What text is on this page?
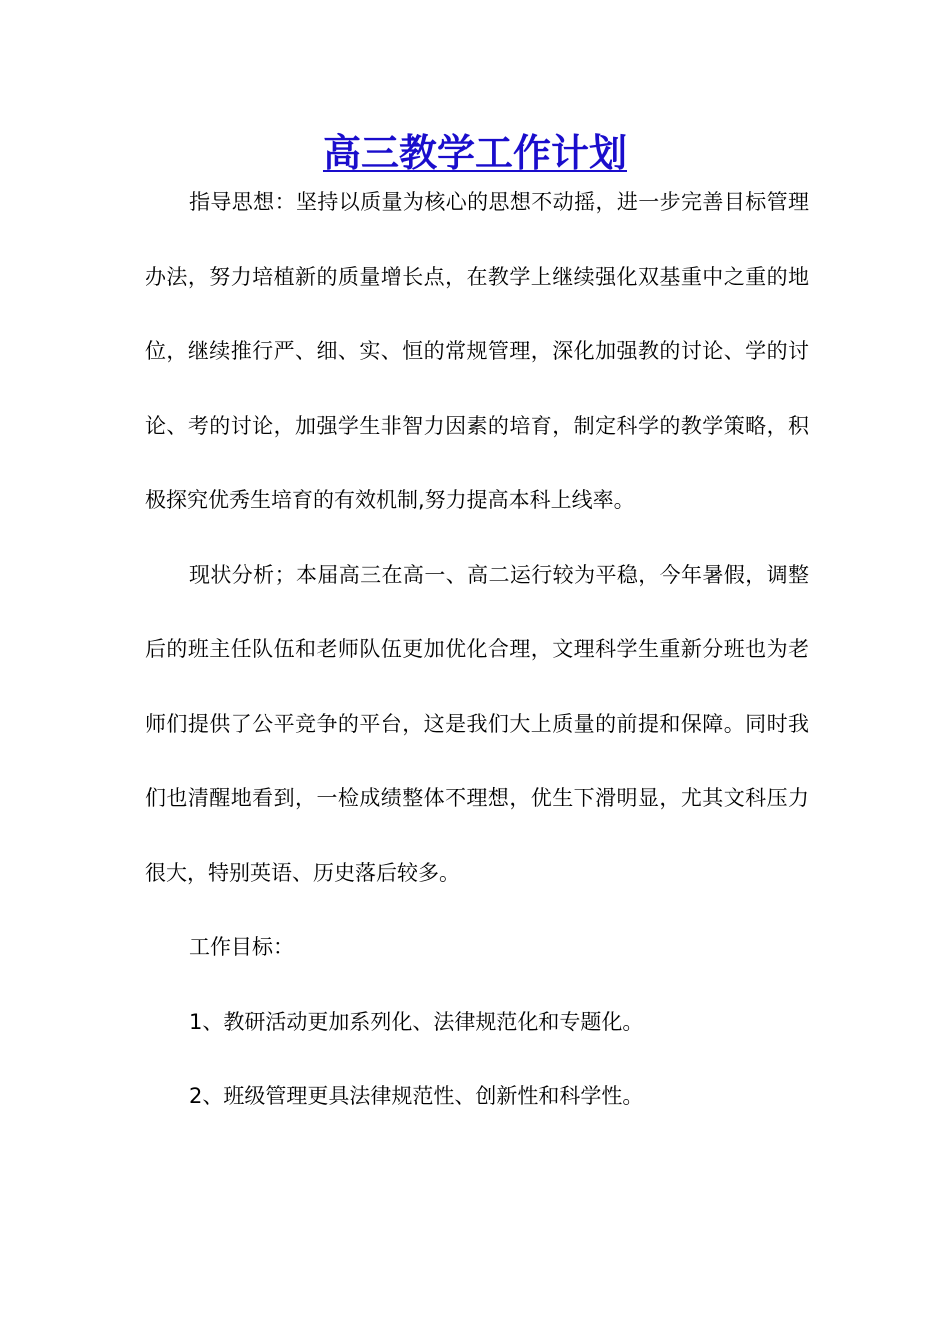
高三教学工作计划

指导思想：坚持以质量为核心的思想不动摇，进一步完善目标管理办法，努力培植新的质量增长点，在教学上继续强化双基重中之重的地位，继续推行严、细、实、恒的常规管理，深化加强教的讨论、学的讨论、考的讨论，加强学生非智力因素的培育，制定科学的教学策略，积极探究优秀生培育的有效机制,努力提高本科上线率。

现状分析；本届高三在高一、高二运行较为平稳，今年暑假，调整后的班主任队伍和老师队伍更加优化合理，文理科学生重新分班也为老师们提供了公平竞争的平台，这是我们大上质量的前提和保障。同时我们也清醒地看到，一检成绩整体不理想，优生下滑明显，尤其文科压力很大，特别英语、历史落后较多。

工作目标：

1、教研活动更加系列化、法律规范化和专题化。

2、班级管理更具法律规范性、创新性和科学性。
